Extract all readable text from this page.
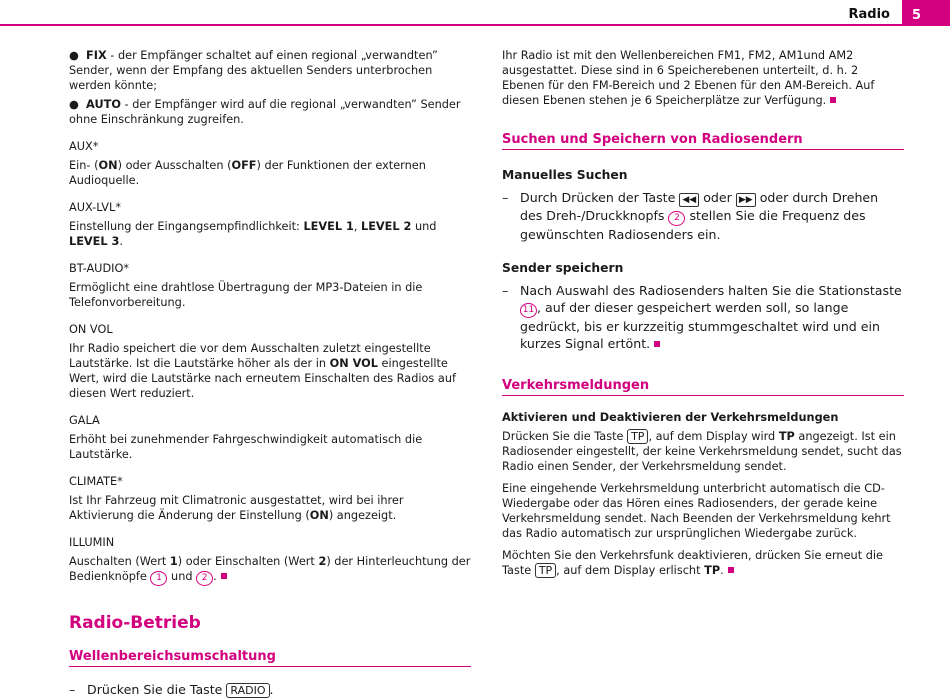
Radio	5

●  FIX - der Empfänger schaltet auf einen regional „verwandten” Sender, wenn der Empfang des aktuellen Senders unterbrochen werden könnte;

●  AUTO - der Empfänger wird auf die regional „verwandten” Sender ohne Einschränkung zugreifen.

AUX*

Ein- (ON) oder Ausschalten (OFF) der Funktionen der externen Audioquelle.

AUX-LVL*

Einstellung der Eingangsempfindlichkeit: LEVEL 1, LEVEL 2 und LEVEL 3.

BT-AUDIO*

Ermöglicht eine drahtlose Übertragung der MP3-Dateien in die Telefonvorbereitung.

ON VOL

Ihr Radio speichert die vor dem Ausschalten zuletzt eingestellte Lautstärke. Ist die Lautstärke höher als der in ON VOL eingestellte Wert, wird die Lautstärke nach erneutem Einschalten des Radios auf diesen Wert reduziert.

GALA

Erhöht bei zunehmender Fahrgeschwindigkeit automatisch die Lautstärke.

CLIMATE*

Ist Ihr Fahrzeug mit Climatronic ausgestattet, wird bei ihrer Aktivierung die Änderung der Einstellung (ON) angezeigt.

ILLUMIN

Auschalten (Wert 1) oder Einschalten (Wert 2) der Hinterleuchtung der Bedienknöpfe 1 und 2 .

Radio-Betrieb

Wellenbereichsumschaltung

– Drücken Sie die Taste RADIO .

Ihr Radio ist mit den Wellenbereichen FM1, FM2, AM1und AM2 ausgestattet. Diese sind in 6 Speicherebenen unterteilt, d. h. 2 Ebenen für den FM-Bereich und 2 Ebenen für den AM-Bereich. Auf diesen Ebenen stehen je 6 Speicherplätze zur Verfügung.

Suchen und Speichern von Radiosendern

Manuelles Suchen

– Durch Drücken der Taste ◀◀ oder ▶▶ oder durch Drehen des Dreh-/Druckknopfs 2 stellen Sie die Frequenz des gewünschten Radiosenders ein.

Sender speichern

– Nach Auswahl des Radiosenders halten Sie die Stationstaste 11 , auf der dieser gespeichert werden soll, so lange gedrückt, bis er kurzzeitig stummgeschaltet wird und ein kurzes Signal ertönt.

Verkehrsmeldungen

Aktivieren und Deaktivieren der Verkehrsmeldungen

Drücken Sie die Taste TP , auf dem Display wird TP angezeigt. Ist ein Radiosender eingestellt, der keine Verkehrsmeldung sendet, sucht das Radio einen Sender, der Verkehrsmeldung sendet.

Eine eingehende Verkehrsmeldung unterbricht automatisch die CD-Wiedergabe oder das Hören eines Radiosenders, der gerade keine Verkehrsmeldung sendet. Nach Beenden der Verkehrsmeldung kehrt das Radio automatisch zur ursprünglichen Wiedergabe zurück.

Möchten Sie den Verkehrsfunk deaktivieren, drücken Sie erneut die Taste TP , auf dem Display erlischt TP.
